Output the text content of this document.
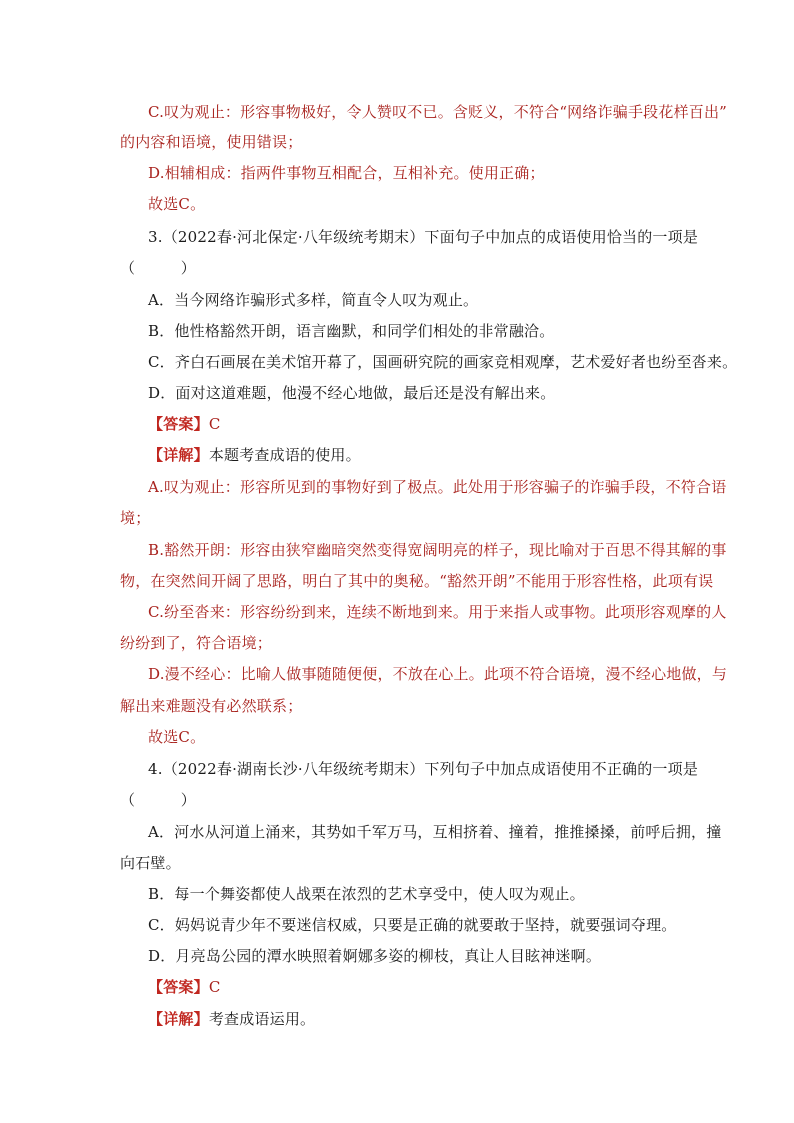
C.叹为观止：形容事物极好，令人赞叹不已。含贬义，不符合“网络诈骗手段花样百出”
的内容和语境，使用错误；
D.相辅相成：指两件事物互相配合，互相补充。使用正确；
故选C。
3.（2022春·河北保定·八年级统考期末）下面句子中加点的成语使用恰当的一项是
（　　　）
A．当今网络诈骗形式多样，简直令人叹为观止。
B．他性格豁然开朗，语言幽默，和同学们相处的非常融洽。
C．齐白石画展在美术馆开幕了，国画研究院的画家竞相观摩，艺术爱好者也纷至沓来。
D．面对这道难题，他漫不经心地做，最后还是没有解出来。
【答案】C
【详解】本题考查成语的使用。
A.叹为观止：形容所见到的事物好到了极点。此处用于形容骗子的诈骗手段，不符合语
境；
B.豁然开朗：形容由狭窄幽暗突然变得宽阔明亮的样子，现比喻对于百思不得其解的事
物，在突然间开阔了思路，明白了其中的奥秘。“豁然开朗”不能用于形容性格，此项有误
C.纷至沓来：形容纷纷到来，连续不断地到来。用于来指人或事物。此项形容观摩的人
纷纷到了，符合语境；
D.漫不经心：比喻人做事随随便便，不放在心上。此项不符合语境，漫不经心地做，与
解出来难题没有必然联系；
故选C。
4.（2022春·湖南长沙·八年级统考期末）下列句子中加点成语使用不正确的一项是
（　　　）
A．河水从河道上涌来，其势如千军万马，互相挤着、撞着，推推搡搡，前呼后拥，撞
向石壁。
B．每一个舞姿都使人战栗在浓烈的艺术享受中，使人叹为观止。
C．妈妈说青少年不要迷信权威，只要是正确的就要敢于坚持，就要强词夺理。
D．月亮岛公园的潭水映照着婀娜多姿的柳枝，真让人目眩神迷啊。
【答案】C
【详解】考查成语运用。
